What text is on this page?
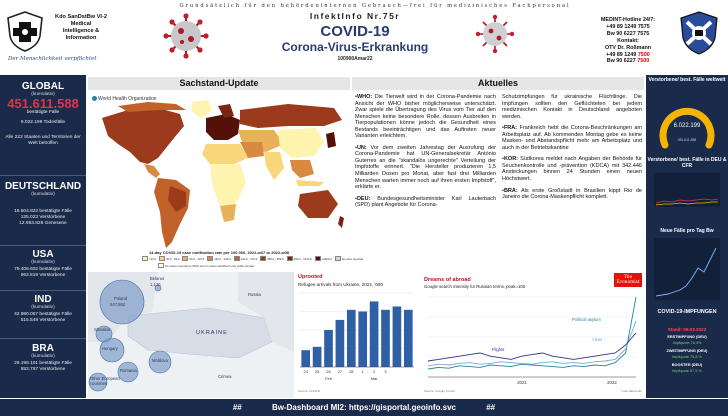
Kdo SanDstBw VI-2
Medical
Intelligence &
Information
Der Menschlichkeit verpflichtet
Grundsätzlich für den behördeninternen Gebrauch—frei für medizinisches Fachpersonal
InfektInfo Nr.75r
COVID-19
Corona-Virus-Erkrankung
100900Amar22
MEDINT-Hotline 24/7:
+49 89 1249 7575
Bw 90 6227 7575
Kontakt:
OTV Dr. Roßmann
+49 89 1249 7500
Bw 90 6227 7500
GLOBAL
(kumulativ)
451.611.588
bestätigte Fälle
6.022.199 Todesfälle
Alle 222 Staaten und Territorien der Welt betroffen
DEUTSCHLAND
(kumulativ)
16.504.822 bestätigte Fälle
125.023 Verstorbene
12.963.828 Genesene
USA
(kumulativ)
79.406.602 bestätigte Fälle
963.819 Verstorbene
IND
(kumulativ)
42.980.067 bestätigte Fälle
515.549 Verstorbene
BRA
(kumulativ)
29.198.101 bestätigte Fälle
653.767 Verstorbene
Sachstand-Update	Aktuelles
World Health Organization
14-day COVID-19 case notification rate per 100 000, 2022-w07 to 2022-w08
<20.0	20.0 - 59.9	60.0 - 119.9	120.0 - 239.9	240.0 - 479.9	480.0 - 959.9	960.0 - 1919.9	≥1920.0	No case reported
No cases reported by WHO and no cases identified in the public domain

•WHO: Die Tierwelt wird in der Corona-Pandemie nach Ansicht der WHO bisher möglicherweise unterschätzt. Zwar spiele die Übertragung des Virus vom Tier auf den Menschen keine besondere Rolle, dessen Ausbreiten in Tierpopulationen könne jedoch die Gesundheit eines Bestands beeinträchtigen und das Auftreten neuer Varianten erleichtern.

•UN: Vor dem zweiten Jahrestag der Ausrufung der Corona-Pandemie hat UN-Generalsekretär António Guterres an die "skandalös ungerechte" Verteilung der Impfstoffe erinnert. "Die Hersteller produzieren 1,5 Milliarden Dosen pro Monat, aber fast drei Milliarden Menschen warten immer noch auf ihren ersten Impfstoff", erklärte er.

•DEU: Bundesgesundheitsminister Karl Lauterbach (SPD) plant Angebote für Corona-

Schutzimpfungen für ukrainische Flüchtlinge. Die Impfungen sollten den Geflüchteten bei jedem medizinischen Kontakt in Deutschland angeboten werden.

•FRA: Frankreich hebt die Corona-Beschränkungen am Arbeitsplatz auf. Ab kommenden Montag gebe es keine Masken- und Abstandspflicht mehr am Arbeitsplatz und auch in der Betriebskantine

•KOR: Südkorea meldet nach Angaben der Behörde für Seuchenkontrolle und -prävention (KDCA) mit 342.446 Ansteckungen binnen 24 Stunden einen neuen Höchstwert.

•BRA: Als erste Großstadt in Brasilien kippt Rio de Janeiro die Corona-Maskenpflicht komplett.

Belarus
1,130
Poland
547,982
Russia
UKRAINE
Slovakia
Hungary
Romania
Moldova
Other European countries
Crimea
Uprooted
Refugee arrivals from Ukraine, 2022, '000
24 25 26 27 28 1 2 3
Feb	Mar
Source: UNHCR
The Economist
Dreams of abroad
Google search intensity for Russian terms, peak=100
Political asylum
Visas
Flights
2021	2022
Source: Google Trends	* Last data point
Verstorbene/ best. Fälle weltweit
6.022.199
451.611.588
Verstorbene/ best. Fälle in DEU & CFR
Neue Fälle pro Tag Bw
COVID-19-IMPFUNGEN
Stand: 09.03.2022
ERSTIMPFUNG (DEU)
Impfquote 76,4%
ZWEITIMPFUNG (DEU)
Impfquote 75,8 %
BOOSTER (DEU)
Impfquote 57,5 %
##	Bw-Dashboard MI2: https://gisportal.geoinfo.svc	##
